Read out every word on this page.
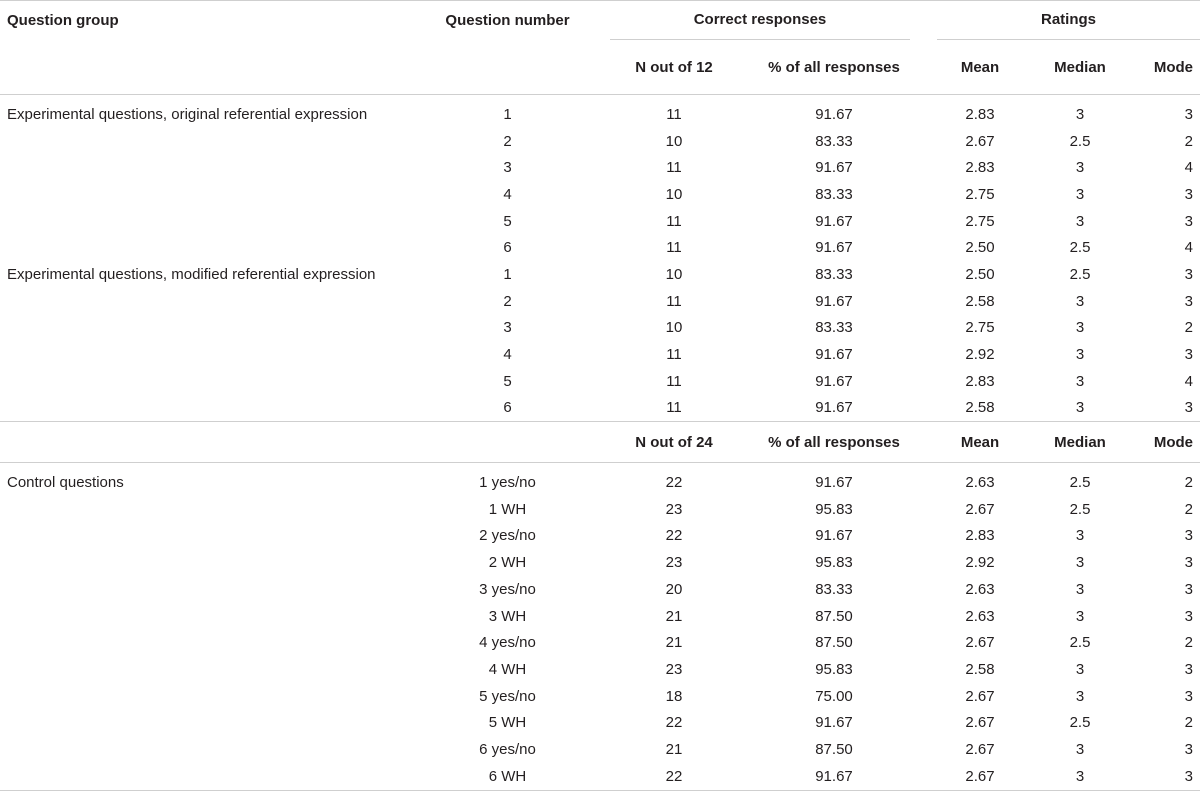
Question group	Question number	Correct responses		Ratings		

		N out of 12	% of all responses	Mean	Median	Mode
Experimental questions, original referential expression	1	11	91.67	2.83	3	3
	2	10	83.33	2.67	2.5	2
	3	11	91.67	2.83	3	4
	4	10	83.33	2.75	3	3
	5	11	91.67	2.75	3	3
	6	11	91.67	2.50	2.5	4
Experimental questions, modified referential expression	1	10	83.33	2.50	2.5	3
	2	11	91.67	2.58	3	3
	3	10	83.33	2.75	3	2
	4	11	91.67	2.92	3	3
	5	11	91.67	2.83	3	4
	6	11	91.67	2.58	3	3
		N out of 24	% of all responses	Mean	Median	Mode
Control questions	1 yes/no	22	91.67	2.63	2.5	2
	1 WH	23	95.83	2.67	2.5	2
	2 yes/no	22	91.67	2.83	3	3
	2 WH	23	95.83	2.92	3	3
	3 yes/no	20	83.33	2.63	3	3
	3 WH	21	87.50	2.63	3	3
	4 yes/no	21	87.50	2.67	2.5	2
	4 WH	23	95.83	2.58	3	3
	5 yes/no	18	75.00	2.67	3	3
	5 WH	22	91.67	2.67	2.5	2
	6 yes/no	21	87.50	2.67	3	3
	6 WH	22	91.67	2.67	3	3
